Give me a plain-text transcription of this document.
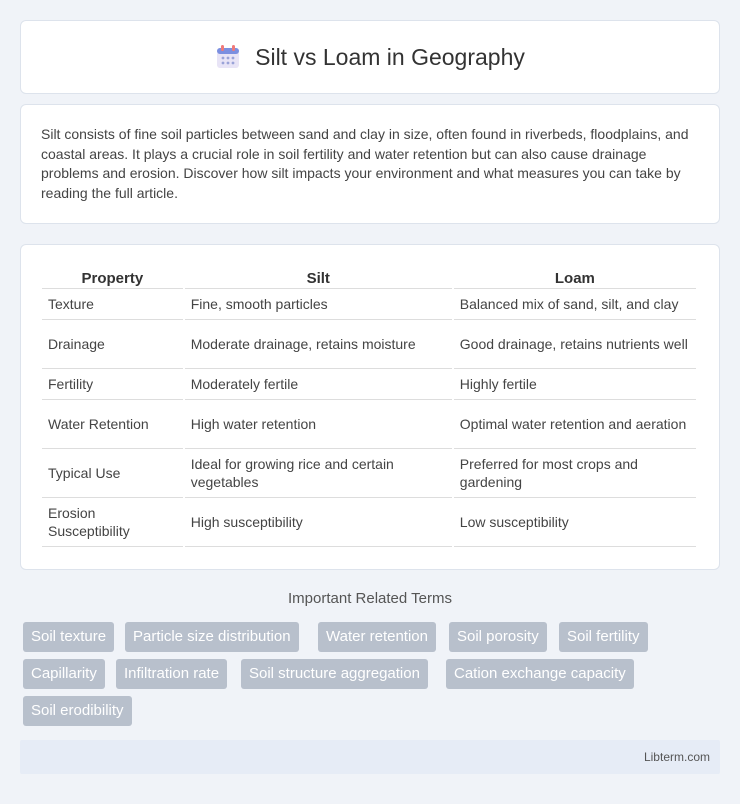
Silt vs Loam in Geography

Silt consists of fine soil particles between sand and clay in size, often found in riverbeds, floodplains, and coastal areas. It plays a crucial role in soil fertility and water retention but can also cause drainage problems and erosion. Discover how silt impacts your environment and what measures you can take by reading the full article.

Property	Silt	Loam
Texture	Fine, smooth particles	Balanced mix of sand, silt, and clay
Drainage	Moderate drainage, retains moisture	Good drainage, retains nutrients well
Fertility	Moderately fertile	Highly fertile
Water Retention	High water retention	Optimal water retention and aeration
Typical Use	Ideal for growing rice and certain vegetables	Preferred for most crops and gardening
Erosion Susceptibility	High susceptibility	Low susceptibility
Important Related Terms
Soil texture	Particle size distribution	Water retention	Soil porosity	Soil fertility
Capillarity	Infiltration rate	Soil structure aggregation	Cation exchange capacity
Soil erodibility
Libterm.com
